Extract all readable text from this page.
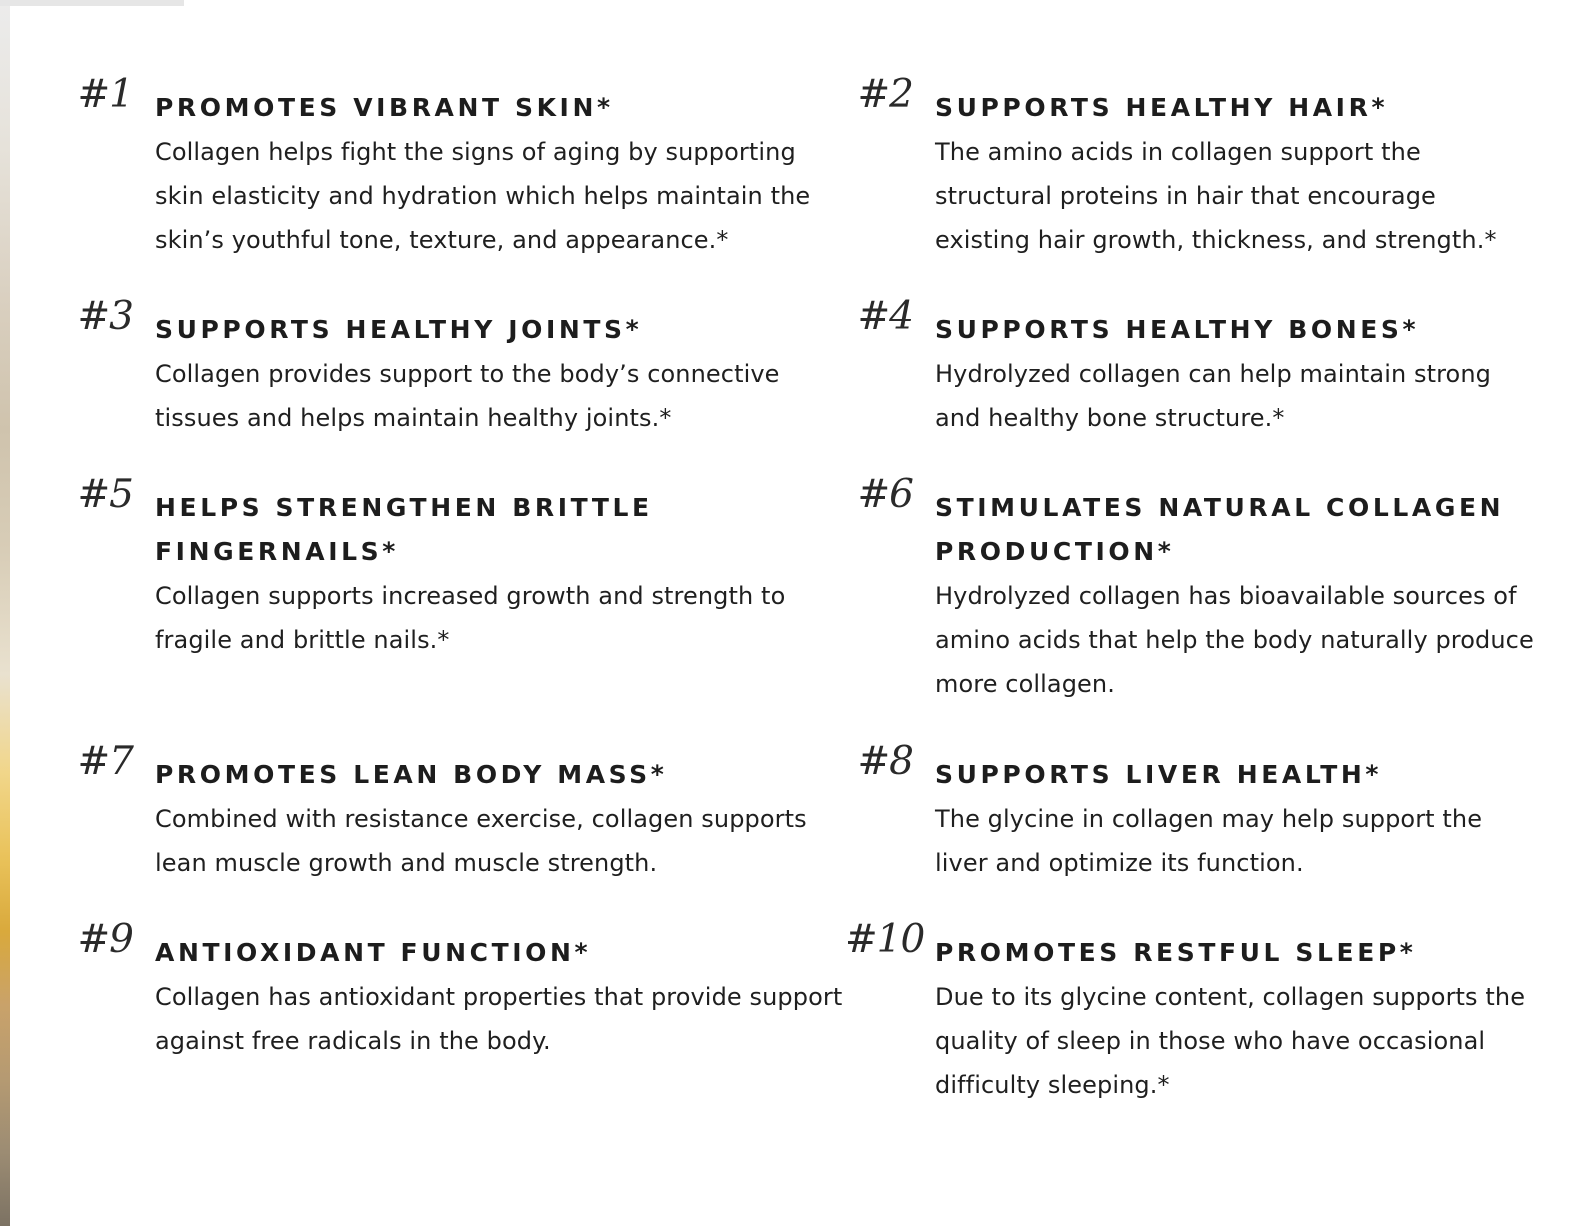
#1 PROMOTES VIBRANT SKIN*

Collagen helps fight the signs of aging by supporting skin elasticity and hydration which helps maintain the skin’s youthful tone, texture, and appearance.*

#2 SUPPORTS HEALTHY HAIR*

The amino acids in collagen support the structural proteins in hair that encourage existing hair growth, thickness, and strength.*

#3 SUPPORTS HEALTHY JOINTS*

Collagen provides support to the body’s connective tissues and helps maintain healthy joints.*

#4 SUPPORTS HEALTHY BONES*

Hydrolyzed collagen can help maintain strong and healthy bone structure.*

#5 HELPS STRENGTHEN BRITTLE FINGERNAILS*

Collagen supports increased growth and strength to fragile and brittle nails.*

#6 STIMULATES NATURAL COLLAGEN PRODUCTION*

Hydrolyzed collagen has bioavailable sources of amino acids that help the body naturally produce more collagen.

#7 PROMOTES LEAN BODY MASS*

Combined with resistance exercise, collagen supports lean muscle growth and muscle strength.

#8 SUPPORTS LIVER HEALTH*

The glycine in collagen may help support the liver and optimize its function.

#9 ANTIOXIDANT FUNCTION*

Collagen has antioxidant properties that provide support against free radicals in the body.

#10 PROMOTES RESTFUL SLEEP*

Due to its glycine content, collagen supports the quality of sleep in those who have occasional difficulty sleeping.*
